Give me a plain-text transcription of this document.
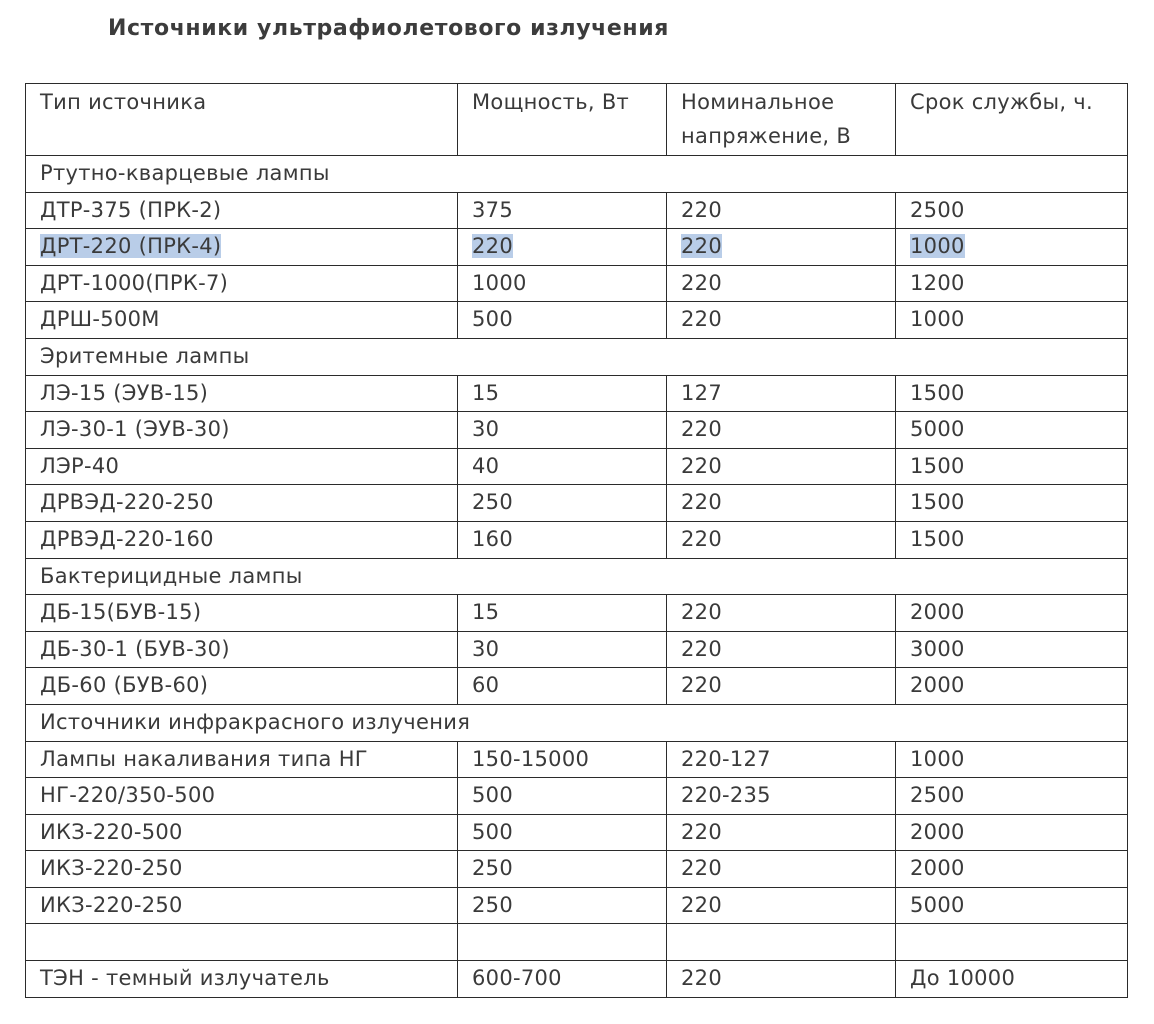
Источники ультрафиолетового излучения
Тип источника	Мощность, Вт	Номинальное напряжение, В	Срок службы, ч.
Ртутно-кварцевые лампы			
ДТР-375 (ПРК-2)	375	220	2500
ДРТ-220 (ПРК-4)	220	220	1000
ДРТ-1000(ПРК-7)	1000	220	1200
ДРШ-500М	500	220	1000
Эритемные лампы			
ЛЭ-15 (ЭУВ-15)	15	127	1500
ЛЭ-30-1 (ЭУВ-30)	30	220	5000
ЛЭР-40	40	220	1500
ДРВЭД-220-250	250	220	1500
ДРВЭД-220-160	160	220	1500
Бактерицидные лампы			
ДБ-15(БУВ-15)	15	220	2000
ДБ-30-1 (БУВ-30)	30	220	3000
ДБ-60 (БУВ-60)	60	220	2000
Источники инфракрасного излучения			
Лампы накаливания типа НГ	150-15000	220-127	1000
НГ-220/350-500	500	220-235	2500
ИКЗ-220-500	500	220	2000
ИКЗ-220-250	250	220	2000
ИКЗ-220-250	250	220	5000

ТЭН - темный излучатель	600-700	220	До 10000
